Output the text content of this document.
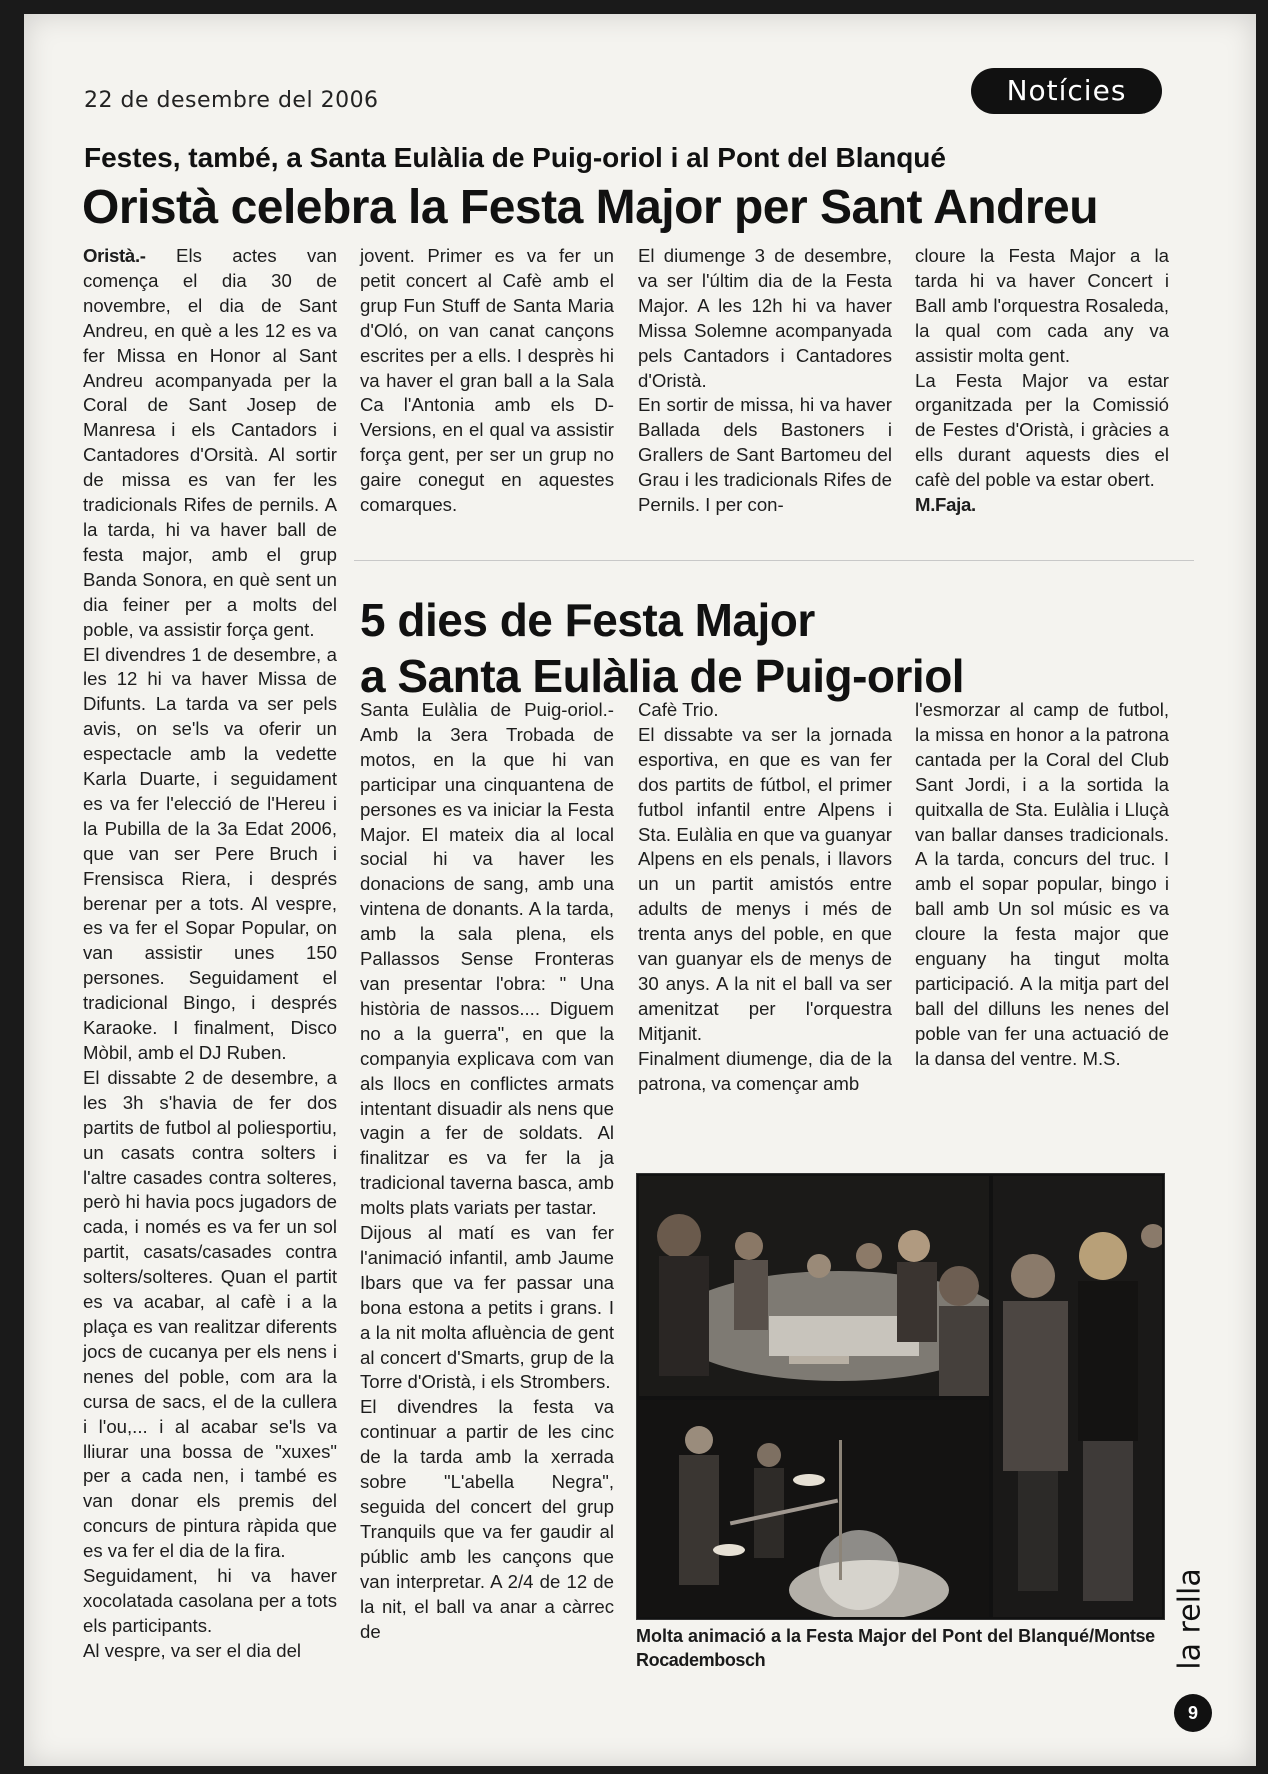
22 de desembre del 2006	Notícies
Festes, també, a Santa Eulàlia de Puig-oriol i al Pont del Blanqué
Oristà celebra la Festa Major per Sant Andreu

Oristà.- Els actes van comença el dia 30 de novembre, el dia de Sant Andreu, en què a les 12 es va fer Missa en Honor al Sant Andreu acompanyada per la Coral de Sant Josep de Manresa i els Cantadors i Cantadores d'Orsità. Al sortir de missa es van fer les tradicionals Rifes de pernils. A la tarda, hi va haver ball de festa major, amb el grup Banda Sonora, en què sent un dia feiner per a molts del poble, va assistir força gent.

El divendres 1 de desembre, a les 12 hi va haver Missa de Difunts. La tarda va ser pels avis, on se'ls va oferir un espectacle amb la vedette Karla Duarte, i seguidament es va fer l'elecció de l'Hereu i la Pubilla de la 3a Edat 2006, que van ser Pere Bruch i Frensisca Riera, i després berenar per a tots. Al vespre, es va fer el Sopar Popular, on van assistir unes 150 persones. Seguidament el tradicional Bingo, i després Karaoke. I finalment, Disco Mòbil, amb el DJ Ruben.

El dissabte 2 de desembre, a les 3h s'havia de fer dos partits de futbol al poliesportiu, un casats contra solters i l'altre casades contra solteres, però hi havia pocs jugadors de cada, i només es va fer un sol partit, casats/casades contra solters/solteres. Quan el partit es va acabar, al cafè i a la plaça es van realitzar diferents jocs de cucanya per els nens i nenes del poble, com ara la cursa de sacs, el de la cullera i l'ou,... i al acabar se'ls va lliurar una bossa de "xuxes" per a cada nen, i també es van donar els premis del concurs de pintura ràpida que es va fer el dia de la fira.

Seguidament, hi va haver xocolatada casolana per a tots els participants.

Al vespre, va ser el dia del

jovent. Primer es va fer un petit concert al Cafè amb el grup Fun Stuff de Santa Maria d'Oló, on van canat cançons escrites per a ells. I desprès hi va haver el gran ball a la Sala Ca l'Antonia amb els D-Versions, en el qual va assistir força gent, per ser un grup no gaire conegut en aquestes comarques.

El diumenge 3 de desembre, va ser l'últim dia de la Festa Major. A les 12h hi va haver Missa Solemne acompanyada pels Cantadors i Cantadores d'Oristà.

En sortir de missa, hi va haver Ballada dels Bastoners i Grallers de Sant Bartomeu del Grau i les tradicionals Rifes de Pernils. I per con-

cloure la Festa Major a la tarda hi va haver Concert i Ball amb l'orquestra Rosaleda, la qual com cada any va assistir molta gent.

La Festa Major va estar organitzada per la Comissió de Festes d'Oristà, i gràcies a ells durant aquests dies el cafè del poble va estar obert.

M.Faja.

5 dies de Festa Major
a Santa Eulàlia de Puig-oriol

Santa Eulàlia de Puig-oriol.- Amb la 3era Trobada de motos, en la que hi van participar una cinquantena de persones es va iniciar la Festa Major. El mateix dia al local social hi va haver les donacions de sang, amb una vintena de donants. A la tarda, amb la sala plena, els Pallassos Sense Fronteras van presentar l'obra: " Una història de nassos.... Diguem no a la guerra", en que la companyia explicava com van als llocs en conflictes armats intentant disuadir als nens que vagin a fer de soldats. Al finalitzar es va fer la ja tradicional taverna basca, amb molts plats variats per tastar.

Dijous al matí es van fer l'animació infantil, amb Jaume Ibars que va fer passar una bona estona a petits i grans. I a la nit molta afluència de gent al concert d'Smarts, grup de la Torre d'Oristà, i els Strombers.

El divendres la festa va continuar a partir de les cinc de la tarda amb la xerrada sobre "L'abella Negra", seguida del concert del grup Tranquils que va fer gaudir al públic amb les cançons que van interpretar. A 2/4 de 12 de la nit, el ball va anar a càrrec de

Cafè Trio.

El dissabte va ser la jornada esportiva, en que es van fer dos partits de fútbol, el primer futbol infantil entre Alpens i Sta. Eulàlia en que va guanyar Alpens en els penals, i llavors un un partit amistós entre adults de menys i més de trenta anys del poble, en que van guanyar els de menys de 30 anys. A la nit el ball va ser amenitzat per l'orquestra Mitjanit.

Finalment diumenge, dia de la patrona, va començar amb

l'esmorzar al camp de futbol, la missa en honor a la patrona cantada per la Coral del Club Sant Jordi, i a la sortida la quitxalla de Sta. Eulàlia i Lluçà van ballar danses tradicionals. A la tarda, concurs del truc. I amb el sopar popular, bingo i ball amb Un sol músic es va cloure la festa major que enguany ha tingut molta participació. A la mitja part del ball del dilluns les nenes del poble van fer una actuació de la dansa del ventre. M.S.

Molta animació a la Festa Major del Pont del Blanqué/Montse Rocadembosch	la rella
9
